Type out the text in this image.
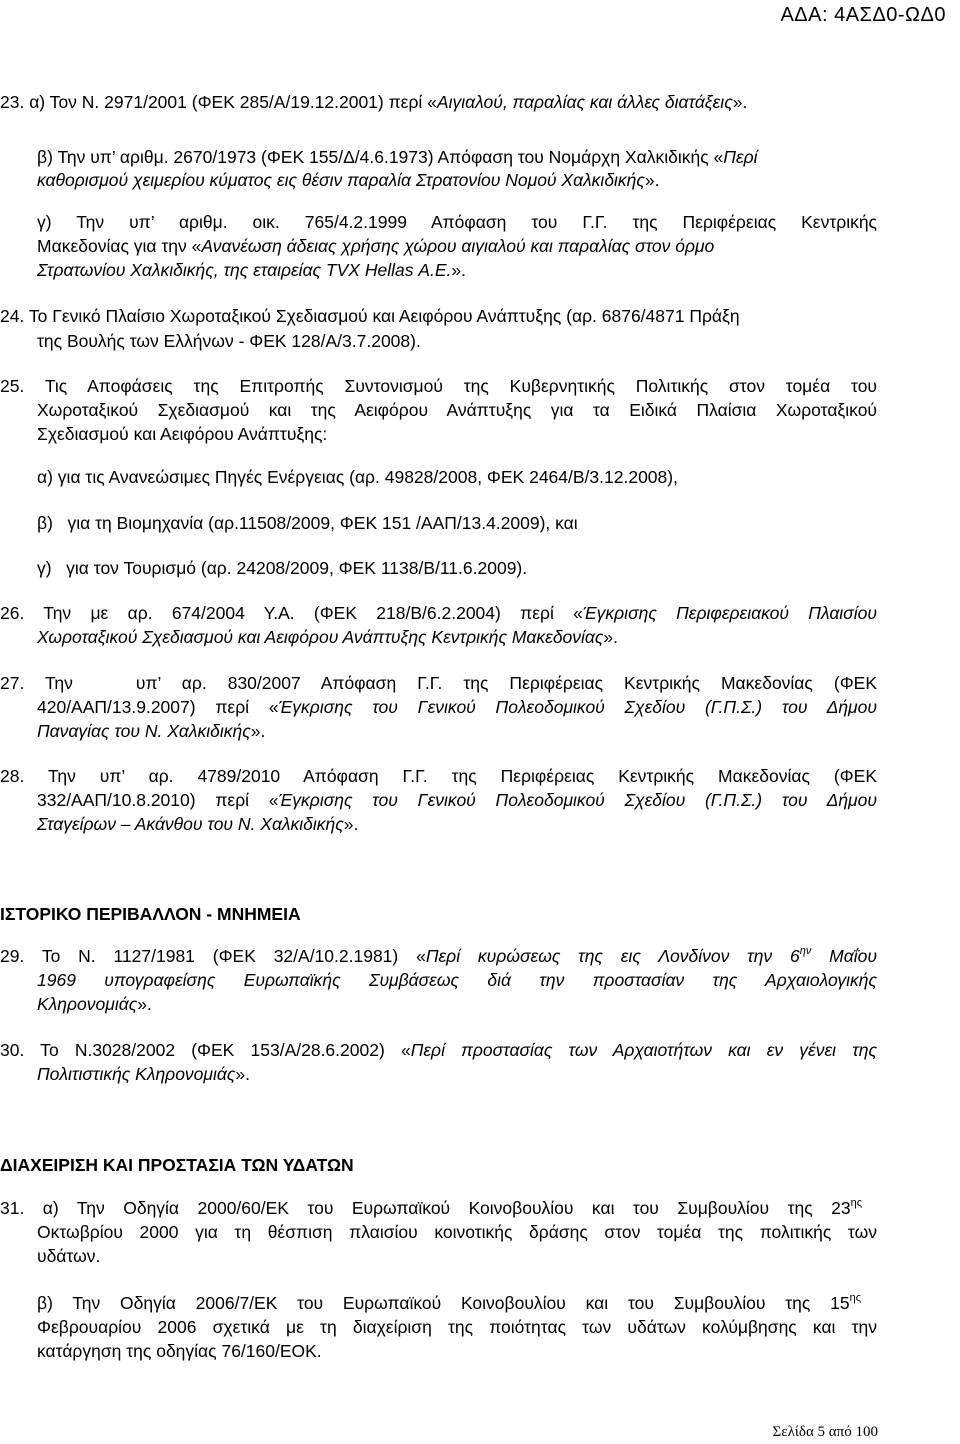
ΑΔΑ: 4ΑΣΔ0-ΩΔ0

23. α) Τον Ν. 2971/2001 (ΦΕΚ 285/Α/19.12.2001) περί «Αιγιαλού, παραλίας και άλλες διατάξεις».

β) Την υπ’ αριθμ. 2670/1973 (ΦΕΚ 155/Δ/4.6.1973) Απόφαση του Νομάρχη Χαλκιδικής «Περί

καθορισμού χειμερίου κύματος εις θέσιν παραλία Στρατονίου Νομού Χαλκιδικής».

γ) Την υπ’ αριθμ. οικ. 765/4.2.1999 Απόφαση του Γ.Γ. της Περιφέρειας Κεντρικής

Μακεδονίας για την «Ανανέωση άδειας χρήσης χώρου αιγιαλού και παραλίας στον όρμο

Στρατωνίου Χαλκιδικής, της εταιρείας TVX Hellas Α.Ε.».

24. Το Γενικό Πλαίσιο Χωροταξικού Σχεδιασμού και Αειφόρου Ανάπτυξης (αρ. 6876/4871 Πράξη

της Βουλής των Ελλήνων - ΦΕΚ 128/Α/3.7.2008).

25. Τις Αποφάσεις της Επιτροπής Συντονισμού της Κυβερνητικής Πολιτικής στον τομέα του

Χωροταξικού Σχεδιασμού και της Αειφόρου Ανάπτυξης για τα Ειδικά Πλαίσια Χωροταξικού

Σχεδιασμού και Αειφόρου Ανάπτυξης:

α) για τις Ανανεώσιμες Πηγές Ενέργειας (αρ. 49828/2008, ΦΕΚ 2464/Β/3.12.2008),

β)   για τη Βιομηχανία (αρ.11508/2009, ΦΕΚ 151 /ΑΑΠ/13.4.2009), και

γ)   για τον Τουρισμό (αρ. 24208/2009, ΦΕΚ 1138/Β/11.6.2009).

26. Την με αρ. 674/2004 Υ.Α. (ΦΕΚ 218/Β/6.2.2004) περί «Έγκρισης Περιφερειακού Πλαισίου

Χωροταξικού Σχεδιασμού και Αειφόρου Ανάπτυξης Κεντρικής Μακεδονίας».

27. Την   υπ’ αρ. 830/2007 Απόφαση Γ.Γ. της Περιφέρειας Κεντρικής Μακεδονίας (ΦΕΚ

420/ΑΑΠ/13.9.2007) περί «Έγκρισης του Γενικού Πολεοδομικού Σχεδίου (Γ.Π.Σ.) του Δήμου

Παναγίας του Ν. Χαλκιδικής».

28. Την υπ’ αρ. 4789/2010 Απόφαση Γ.Γ. της Περιφέρειας Κεντρικής Μακεδονίας (ΦΕΚ

332/ΑΑΠ/10.8.2010) περί «Έγκρισης του Γενικού Πολεοδομικού Σχεδίου (Γ.Π.Σ.) του Δήμου

Σταγείρων – Ακάνθου του Ν. Χαλκιδικής».

ΙΣΤΟΡΙΚΟ ΠΕΡΙΒΑΛΛΟΝ - ΜΝΗΜΕΙΑ

29. Το Ν. 1127/1981 (ΦΕΚ 32/Α/10.2.1981) «Περί κυρώσεως της εις Λονδίνον την $6^{\eta\nu}$ Μαΐου

1969 υπογραφείσης Ευρωπαϊκής Συμβάσεως διά την προστασίαν της Αρχαιολογικής

Κληρονομιάς».

30. Το Ν.3028/2002 (ΦΕΚ 153/Α/28.6.2002) «Περί προστασίας των Αρχαιοτήτων και εν γένει της

Πολιτιστικής Κληρονομιάς».

ΔΙΑΧΕΙΡΙΣΗ ΚΑΙ ΠΡΟΣΤΑΣΙΑ ΤΩΝ ΥΔΑΤΩΝ

31. α) Την Οδηγία 2000/60/ΕΚ του Ευρωπαϊκού Κοινοβουλίου και του Συμβουλίου της $23^{\eta\varsigma}$

Οκτωβρίου 2000 για τη θέσπιση πλαισίου κοινοτικής δράσης στον τομέα της πολιτικής των

υδάτων.

β) Την Οδηγία 2006/7/ΕΚ του Ευρωπαϊκού Κοινοβουλίου και του Συμβουλίου της $15^{\eta\varsigma}$

Φεβρουαρίου 2006 σχετικά με τη διαχείριση της ποιότητας των υδάτων κολύμβησης και την

κατάργηση της οδηγίας 76/160/ΕΟΚ.

Σελίδα 5 από 100
